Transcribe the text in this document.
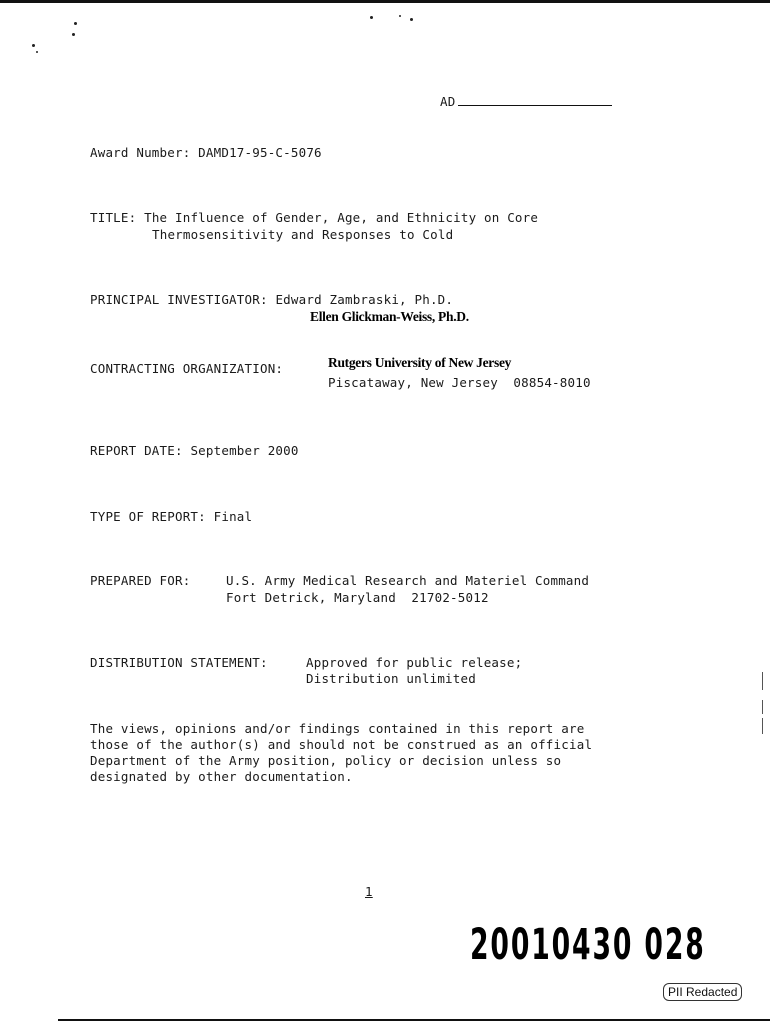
AD
Award Number: DAMD17-95-C-5076
TITLE: The Influence of Gender, Age, and Ethnicity on Core
Thermosensitivity and Responses to Cold
PRINCIPAL INVESTIGATOR: Edward Zambraski, Ph.D.
Ellen Glickman-Weiss, Ph.D.
CONTRACTING ORGANIZATION:	Rutgers University of New Jersey
Piscataway, New Jersey  08854-8010
REPORT DATE: September 2000
TYPE OF REPORT: Final
PREPARED FOR:	U.S. Army Medical Research and Materiel Command
Fort Detrick, Maryland  21702-5012
DISTRIBUTION STATEMENT:	Approved for public release;
Distribution unlimited
The views, opinions and/or findings contained in this report are
those of the author(s) and should not be construed as an official
Department of the Army position, policy or decision unless so
designated by other documentation.
1
20010430 028
PII Redacted
